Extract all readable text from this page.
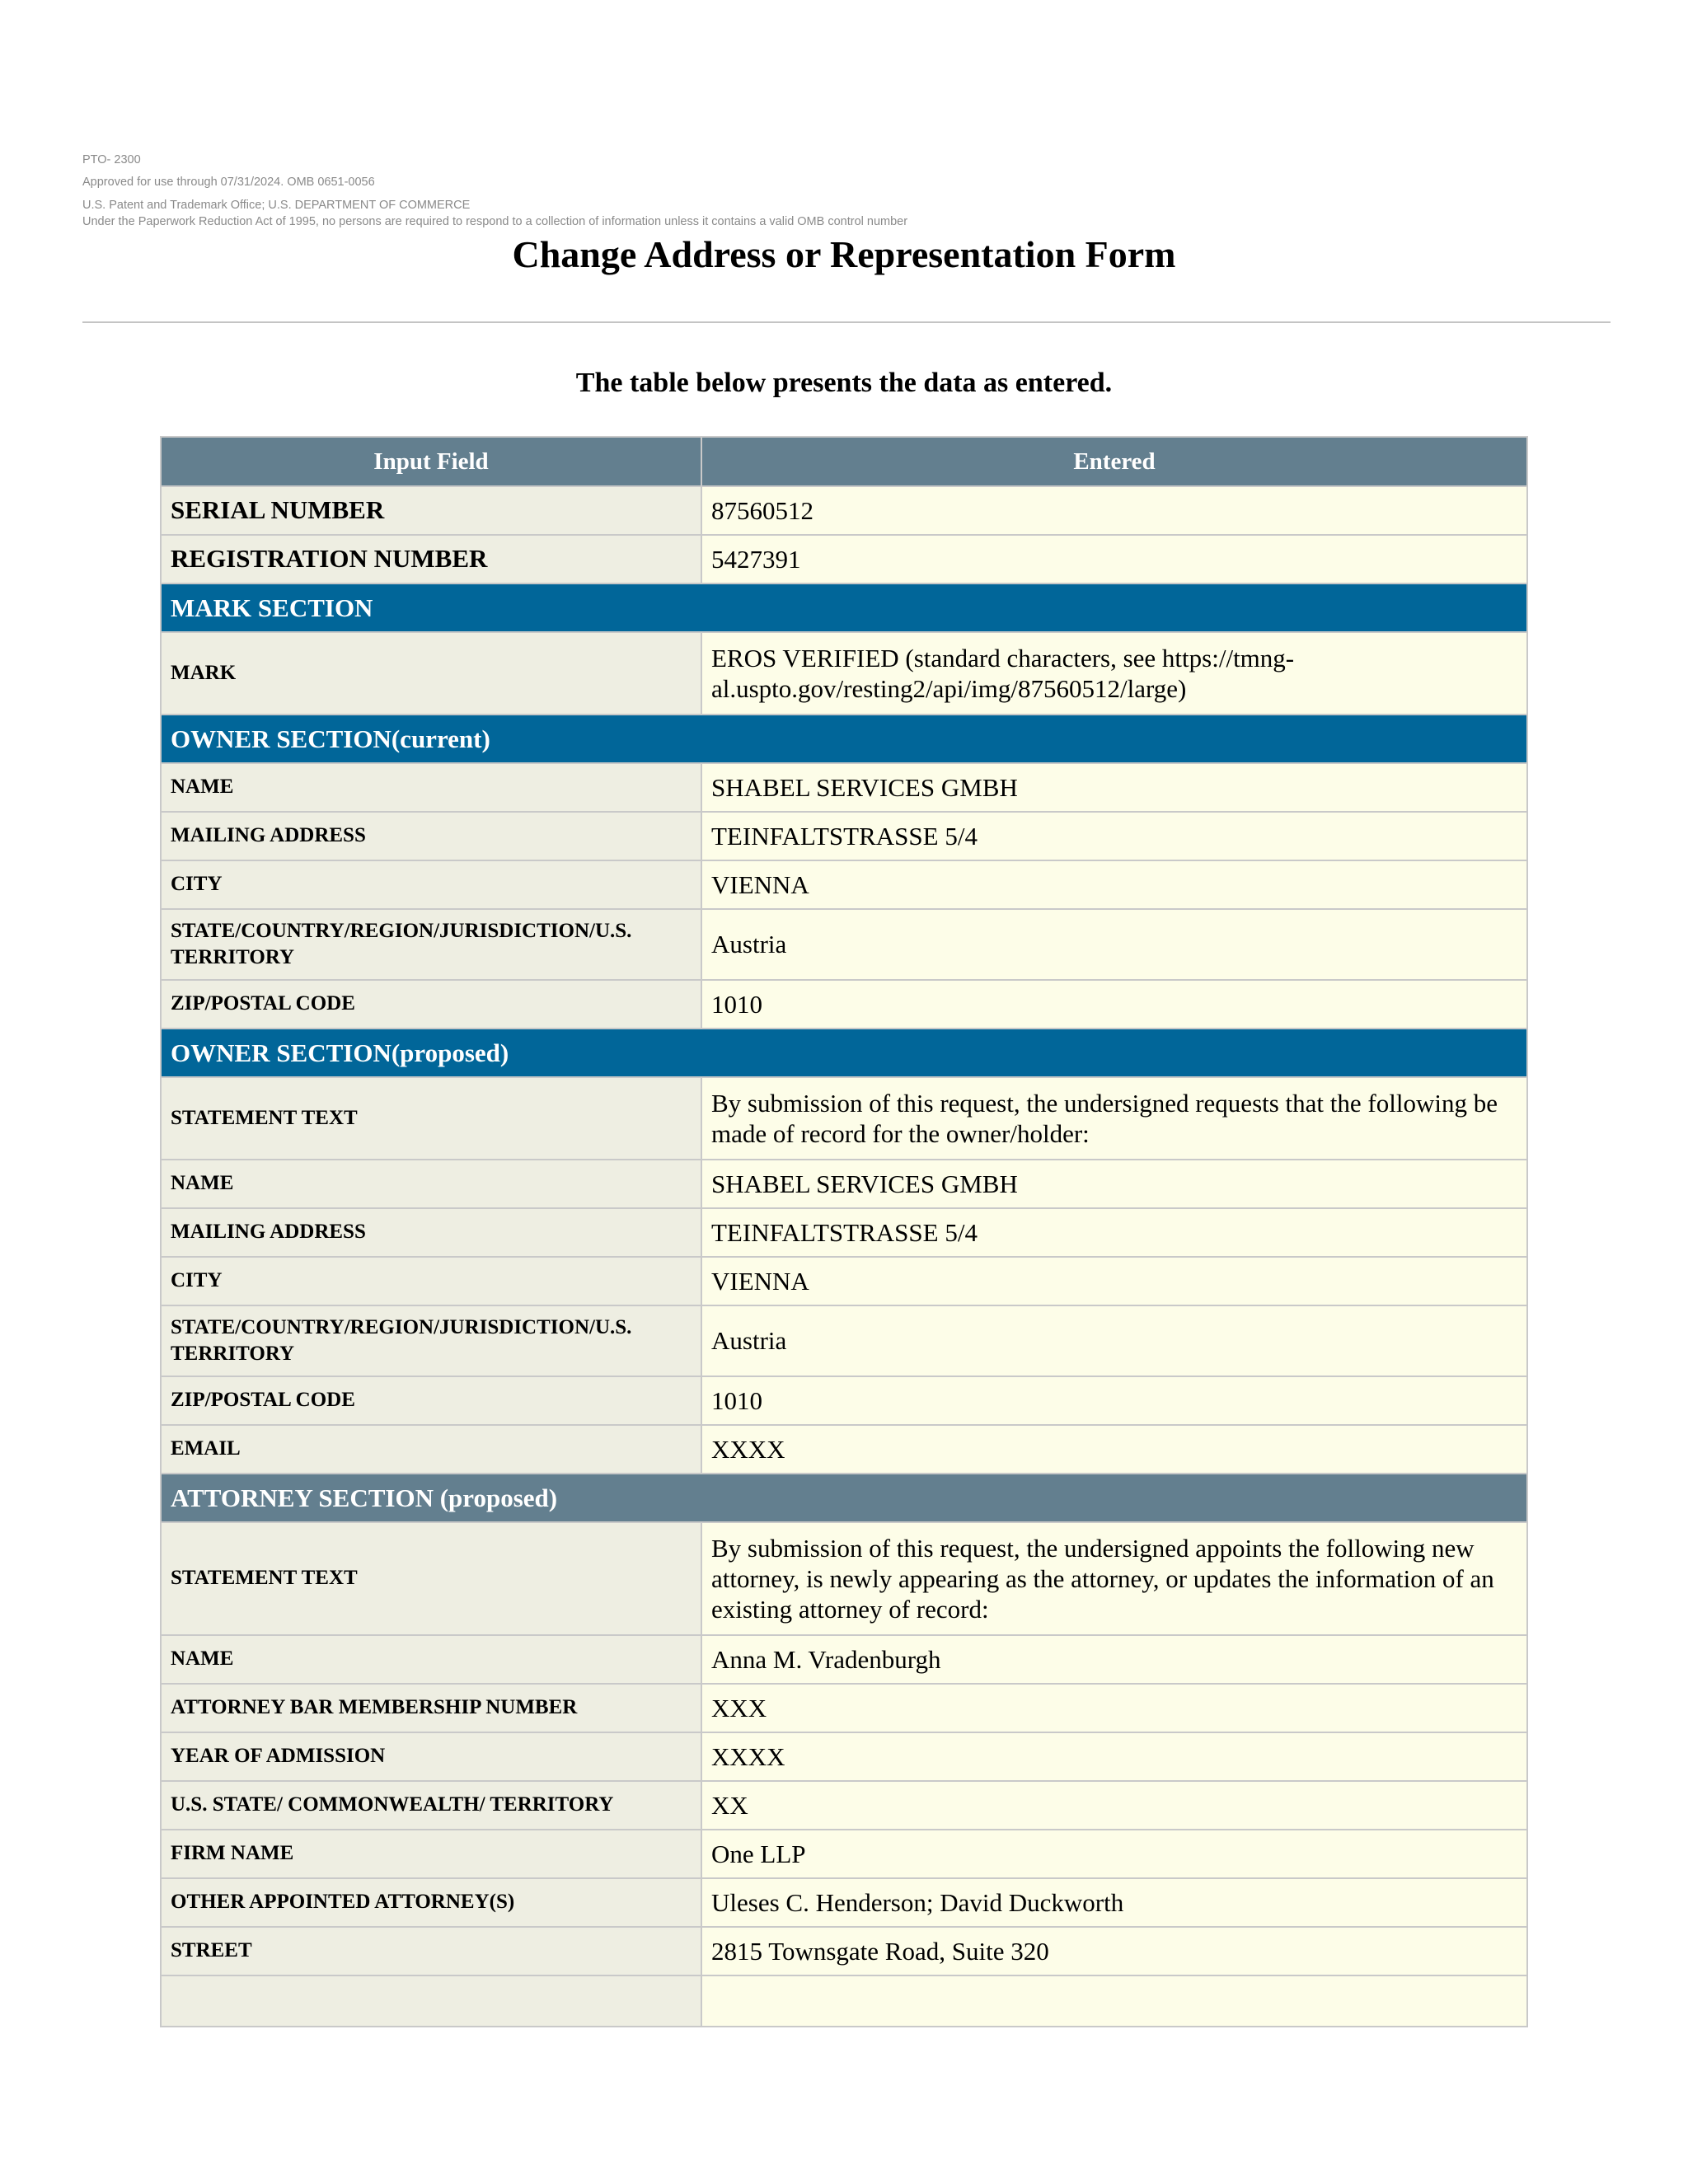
PTO- 2300
Approved for use through 07/31/2024. OMB 0651-0056
U.S. Patent and Trademark Office; U.S. DEPARTMENT OF COMMERCE
Under the Paperwork Reduction Act of 1995, no persons are required to respond to a collection of information unless it contains a valid OMB control number
Change Address or Representation Form
The table below presents the data as entered.
Input Field	Entered
SERIAL NUMBER	87560512
REGISTRATION NUMBER	5427391
MARK SECTION	
MARK	EROS VERIFIED (standard characters, see https://tmng-al.uspto.gov/resting2/api/img/87560512/large)
OWNER SECTION(current)	
NAME	SHABEL SERVICES GMBH
MAILING ADDRESS	TEINFALTSTRASSE 5/4
CITY	VIENNA
STATE/COUNTRY/REGION/JURISDICTION/U.S. TERRITORY	Austria
ZIP/POSTAL CODE	1010
OWNER SECTION(proposed)	
STATEMENT TEXT	By submission of this request, the undersigned requests that the following be made of record for the owner/holder:
NAME	SHABEL SERVICES GMBH
MAILING ADDRESS	TEINFALTSTRASSE 5/4
CITY	VIENNA
STATE/COUNTRY/REGION/JURISDICTION/U.S. TERRITORY	Austria
ZIP/POSTAL CODE	1010
EMAIL	XXXX
ATTORNEY SECTION (proposed)	
STATEMENT TEXT	By submission of this request, the undersigned appoints the following new attorney, is newly appearing as the attorney, or updates the information of an existing attorney of record:
NAME	Anna M. Vradenburgh
ATTORNEY BAR MEMBERSHIP NUMBER	XXX
YEAR OF ADMISSION	XXXX
U.S. STATE/ COMMONWEALTH/ TERRITORY	XX
FIRM NAME	One LLP
OTHER APPOINTED ATTORNEY(S)	Uleses C. Henderson; David Duckworth
STREET	2815 Townsgate Road, Suite 320
